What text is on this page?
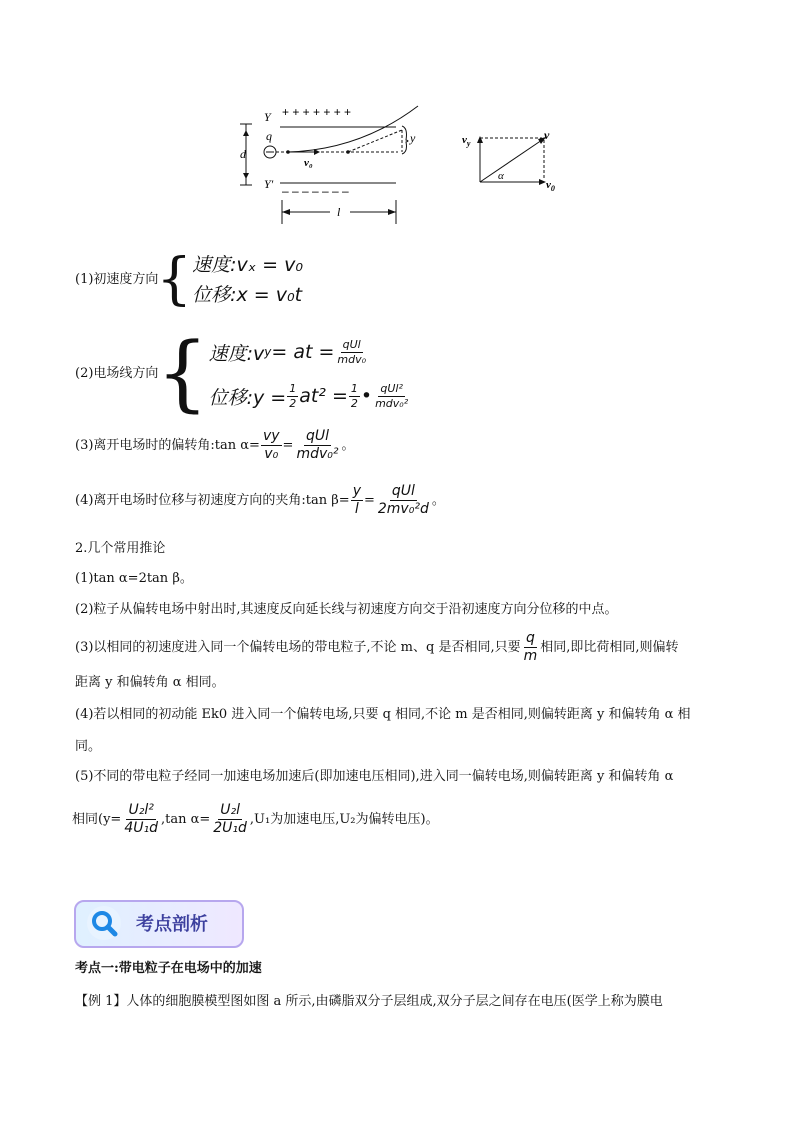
Y + + + + + + +
q
d
v₀
y
Y′ – – – – – – –
l
$v_y$
v
$v_0$
α
(1)初速度方向
{ 速度:vₓ = v₀
位移:x = v₀t
(2)电场线方向
{ 速度:v y = at = $\frac{\text{qUl}}{\text{mdv₀}}$
位移:y = $\frac{1}{2} at^2 = \frac{1}{2}$ • $\frac{\text{qUl²}}{\text{mdv₀²}}$
(3)离开电场时的偏转角:tan $\alpha= \frac{vy}{\text{v₀}} = \frac{\text{qUl}}{\text{mdv₀²}}$ 。
(4)离开电场时位移与初速度方向的夹角:tan $\beta= \frac{y}{l} = \frac{\text{qUl}}{\text{2mv₀²d}}$ 。
2.几个常用推论
(1)tan α=2tan β。
(2)粒子从偏转电场中射出时,其速度反向延长线与初速度方向交于沿初速度方向分位移的中点。
(3)以相同的初速度进入同一个偏转电场的带电粒子,不论 m、q 是否相同,只要 $\frac{q}{m}$ 相同,即比荷相同,则偏转
距离 y 和偏转角 α 相同。
(4)若以相同的初动能 Ek0 进入同一个偏转电场,只要 q 相同,不论 m 是否相同,则偏转距离 y 和偏转角 α 相
同。
(5)不同的带电粒子经同一加速电场加速后(即加速电压相同),进入同一偏转电场,则偏转距离 y 和偏转角 α
相同($y= \frac{\text{U₂l²}}{\text{4U₁d}} ,\tan$ $\alpha= \frac{\text{U₂l}}{\text{2U₁d}} ,U_1$为加速电压,U₂为偏转电压)。
考点剖析
考点一:带电粒子在电场中的加速
【例 1】人体的细胞膜模型图如图 a 所示,由磷脂双分子层组成,双分子层之间存在电压(医学上称为膜电
